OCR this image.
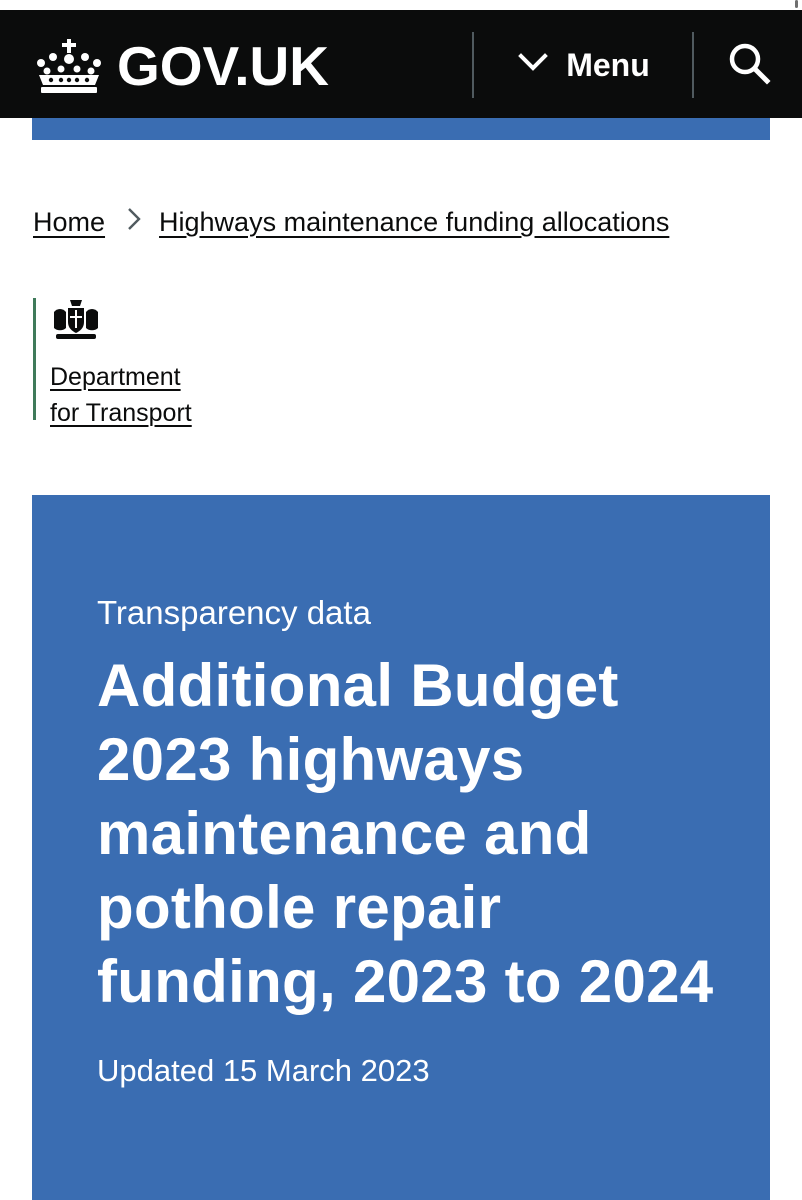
GOV.UK	Menu
Home Highways maintenance funding allocations
Department
for Transport

Transparency data

Additional Budget 2023 highways maintenance and pothole repair funding, 2023 to 2024

Updated 15 March 2023
